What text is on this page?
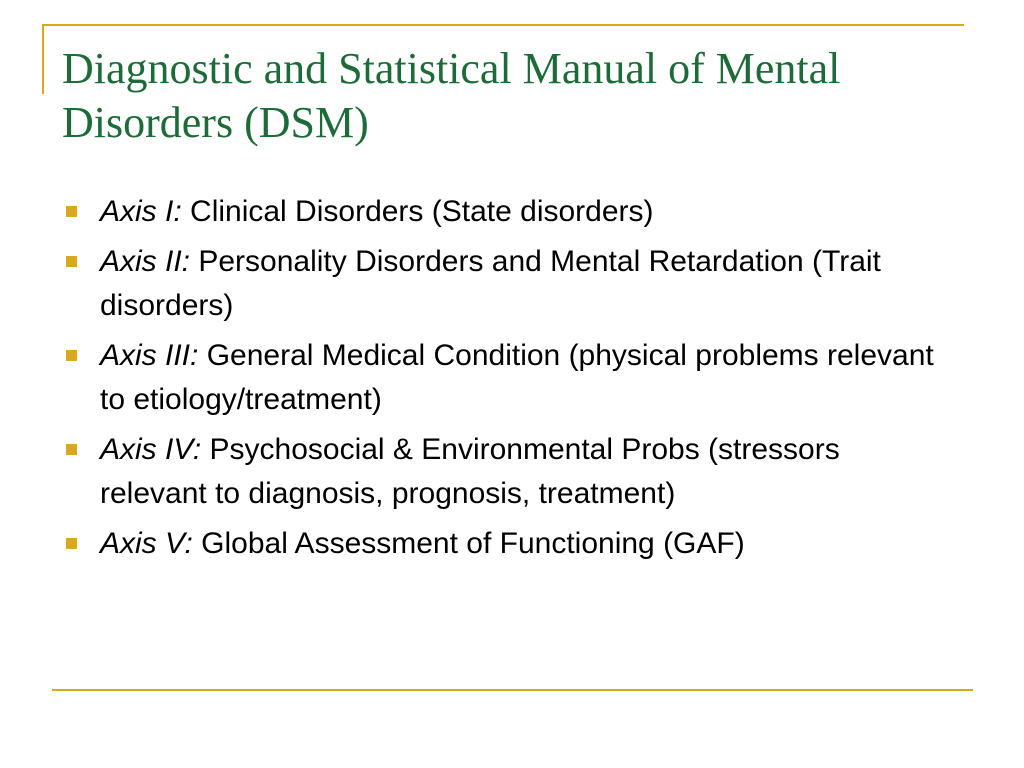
Diagnostic and Statistical Manual of Mental Disorders (DSM)
Axis I: Clinical Disorders (State disorders)
Axis II: Personality Disorders and Mental Retardation (Trait disorders)
Axis III: General Medical Condition (physical problems relevant to etiology/treatment)
Axis IV: Psychosocial & Environmental Probs (stressors relevant to diagnosis, prognosis, treatment)
Axis V: Global Assessment of Functioning (GAF)
